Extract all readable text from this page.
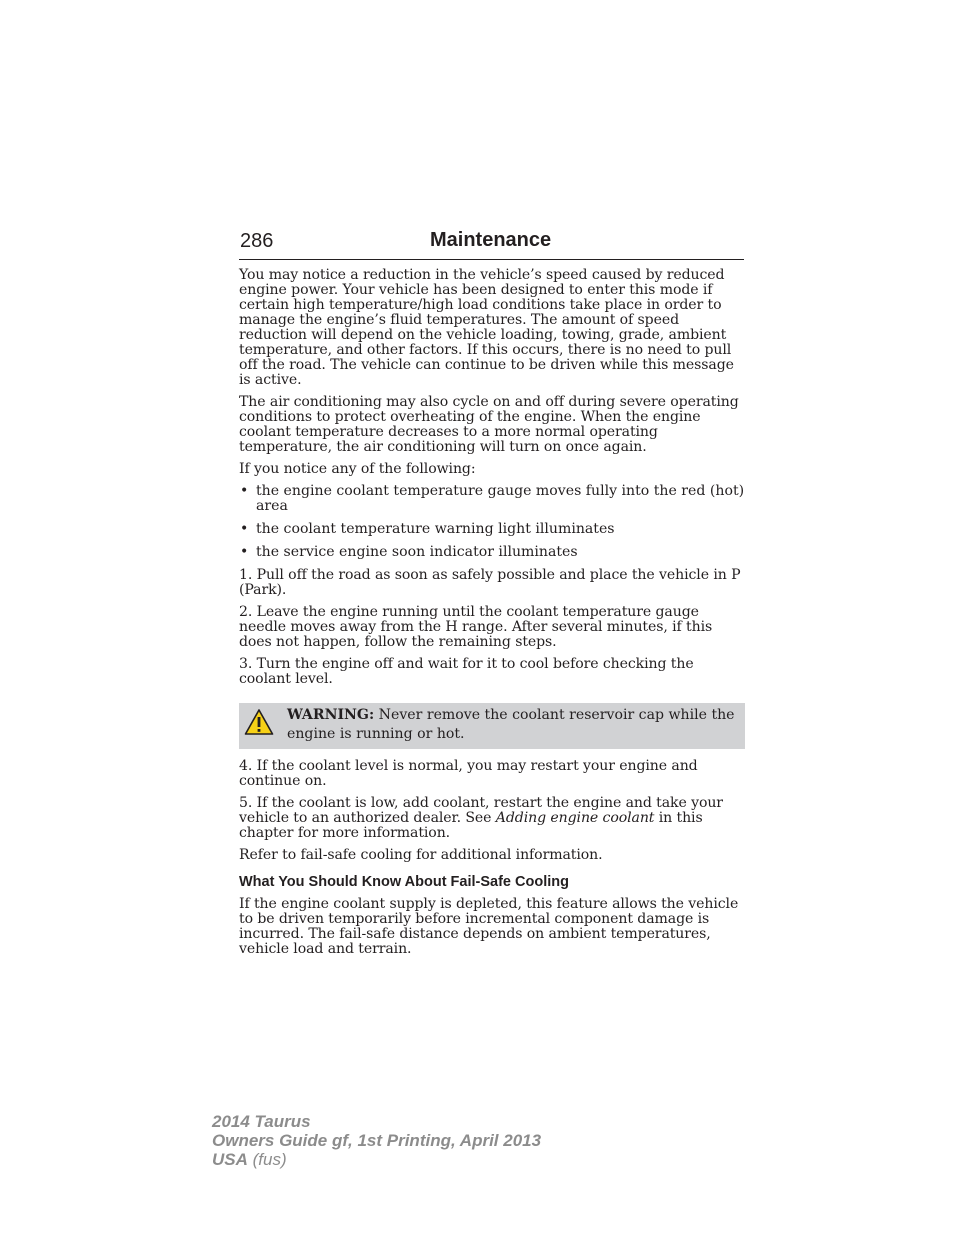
286	Maintenance

You may notice a reduction in the vehicle’s speed caused by reduced engine power. Your vehicle has been designed to enter this mode if certain high temperature/high load conditions take place in order to manage the engine’s fluid temperatures. The amount of speed reduction will depend on the vehicle loading, towing, grade, ambient temperature, and other factors. If this occurs, there is no need to pull off the road. The vehicle can continue to be driven while this message is active.

The air conditioning may also cycle on and off during severe operating conditions to protect overheating of the engine. When the engine coolant temperature decreases to a more normal operating temperature, the air conditioning will turn on once again.

If you notice any of the following:

• the engine coolant temperature gauge moves fully into the red (hot) area
• the coolant temperature warning light illuminates
• the service engine soon indicator illuminates

1. Pull off the road as soon as safely possible and place the vehicle in P (Park).

2. Leave the engine running until the coolant temperature gauge needle moves away from the H range. After several minutes, if this does not happen, follow the remaining steps.

3. Turn the engine off and wait for it to cool before checking the coolant level.

WARNING: Never remove the coolant reservoir cap while the engine is running or hot.

4. If the coolant level is normal, you may restart your engine and continue on.

5. If the coolant is low, add coolant, restart the engine and take your vehicle to an authorized dealer. See Adding engine coolant in this chapter for more information.

Refer to fail-safe cooling for additional information.

What You Should Know About Fail-Safe Cooling

If the engine coolant supply is depleted, this feature allows the vehicle to be driven temporarily before incremental component damage is incurred. The fail-safe distance depends on ambient temperatures, vehicle load and terrain.

2014 Taurus
Owners Guide gf, 1st Printing, April 2013
USA (fus)
